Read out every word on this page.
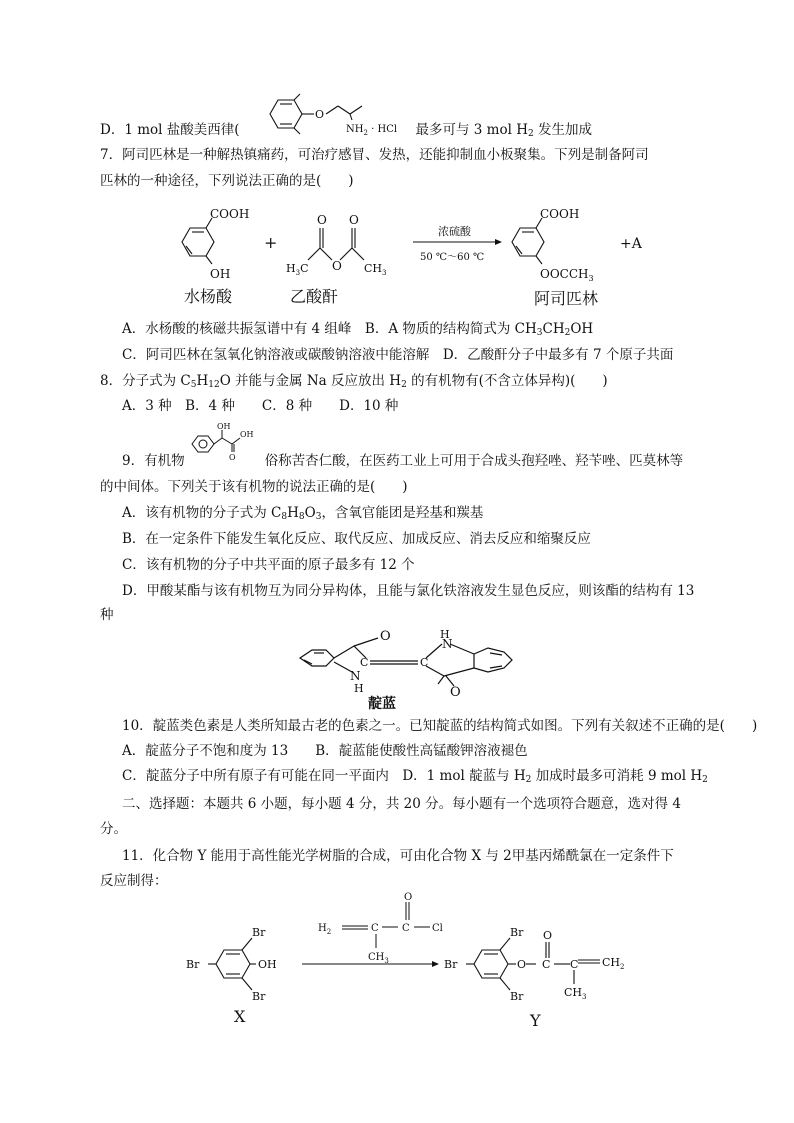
D．1 mol 盐酸美西律(	最多可与 3 mol $H_2$ 发生加成
O
$NH_2$ · HCl
7．阿司匹林是一种解热镇痛药，可治疗感冒、发热，还能抑制血小板聚集。下列是制备阿司
匹林的一种途径，下列说法正确的是(　　)
COOH
OH
水杨酸
+
O O
O
$H_3C$	$CH_3$
乙酸酐
浓硫酸
50 ℃～60 ℃
COOH
$OOCCH_3$
+A
阿司匹林
A．水杨酸的核磁共振氢谱中有 4 组峰　B．A 物质的结构简式为 $CH_3CH_2OH$
C．阿司匹林在氢氧化钠溶液或碳酸钠溶液中能溶解　D．乙酸酐分子中最多有 7 个原子共面
8．分子式为 $C_5H_{12}O$ 并能与金属 Na 反应放出 $H_2$ 的有机物有(不含立体异构)(　　)
A．3 种　B．4 种　　C．8 种　　D．10 种
OH
OH
O
9．有机物	俗称苦杏仁酸，在医药工业上可用于合成头孢羟唑、羟苄唑、匹莫林等
的中间体。下列关于该有机物的说法正确的是(　　)
A．该有机物的分子式为 $C_8H_8O_3$，含氧官能团是羟基和羰基
B．在一定条件下能发生氧化反应、取代反应、加成反应、消去反应和缩聚反应
C．该有机物的分子中共平面的原子最多有 12 个
D．甲酸某酯与该有机物互为同分异构体，且能与氯化铁溶液发生显色反应，则该酯的结构有 13
种
O
C	C
N
H
H
N
O
靛蓝
10．靛蓝类色素是人类所知最古老的色素之一。已知靛蓝的结构简式如图。下列有关叙述不正确的是(　　)
A．靛蓝分子不饱和度为 13　　B．靛蓝能使酸性高锰酸钾溶液褪色
C．靛蓝分子中所有原子有可能在同一平面内　D．1 mol 靛蓝与 $H_2$ 加成时最多可消耗 9 mol $H_2$
二、选择题：本题共 6 小题，每小题 4 分，共 20 分。每小题有一个选项符合题意，选对得 4
分。
11．化合物 Y 能用于高性能光学树脂的合成，可由化合物 X 与 2甲基丙烯酰氯在一定条件下
反应制得：
O
$H_2$	C C Cl
$CH_3$
Br
Br
Br	OH
X
Br
Br
Br	O
O
C C $CH_2$
$CH_3$
Y
